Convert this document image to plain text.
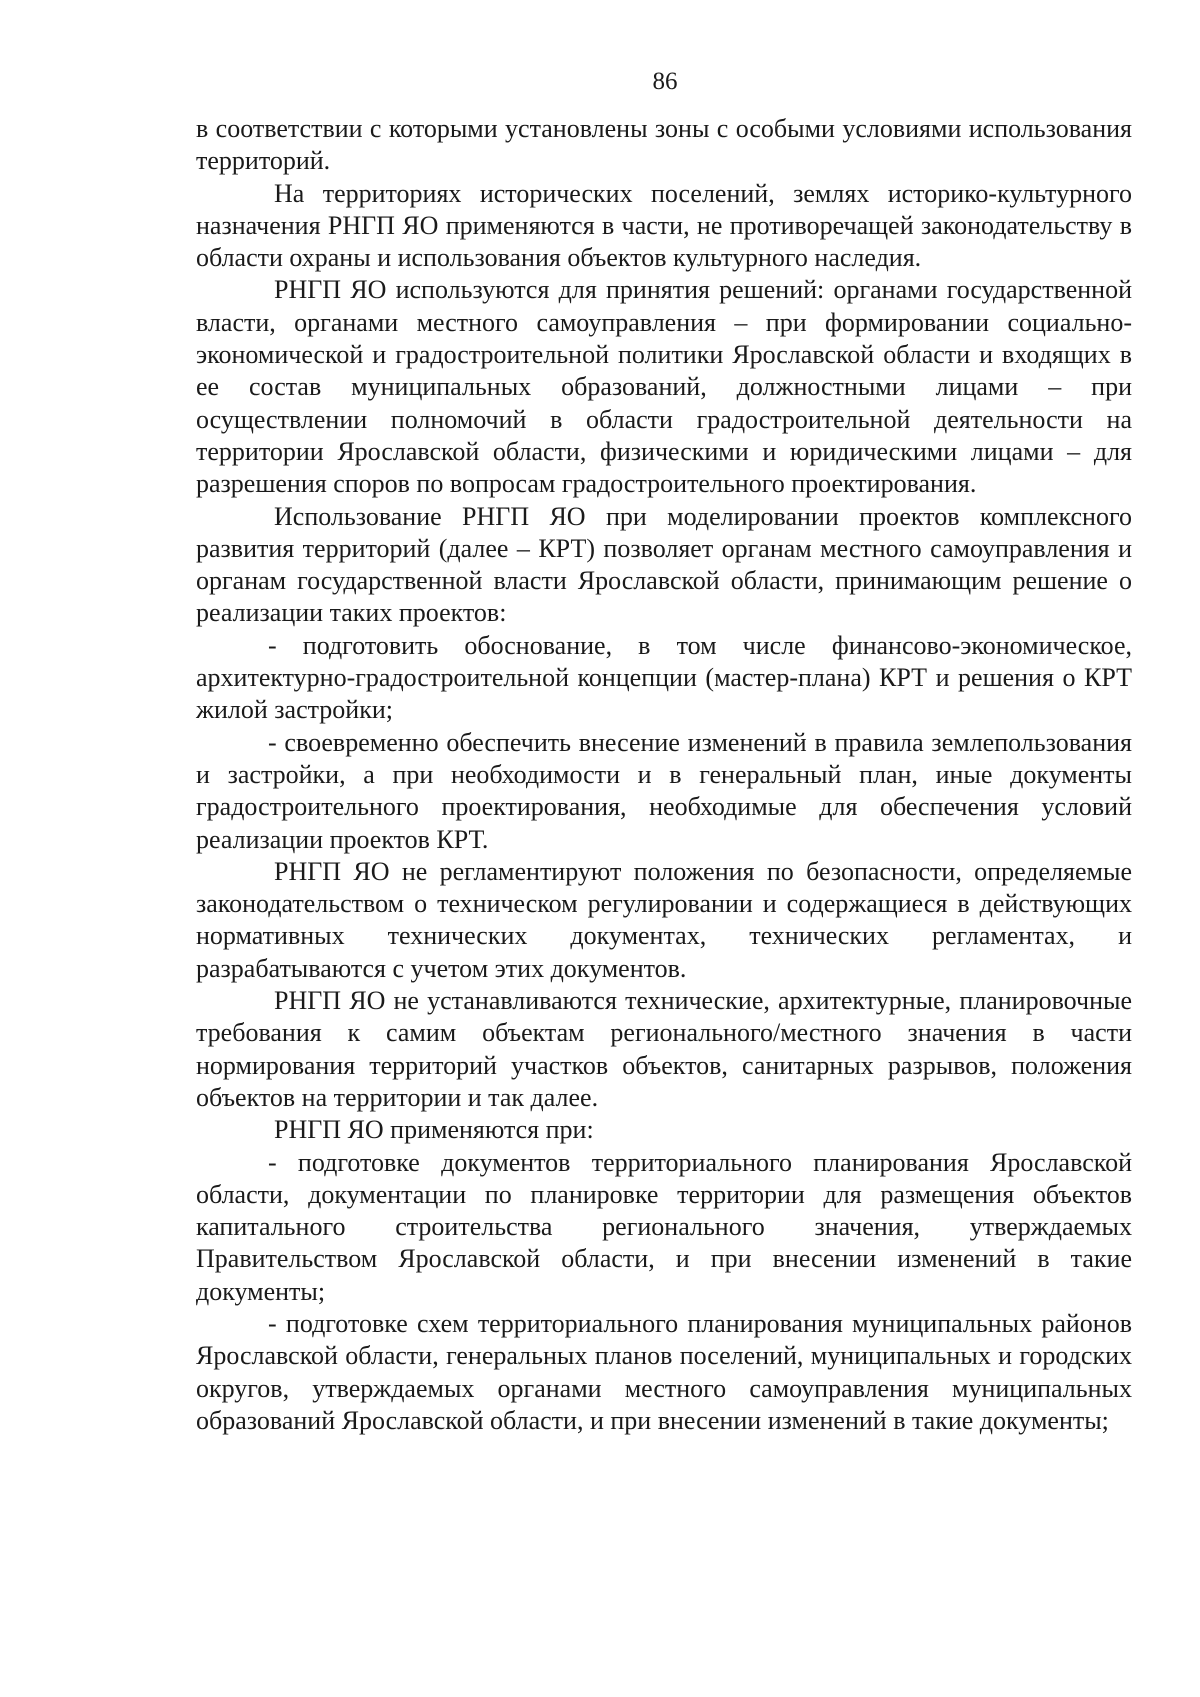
86

в соответствии с которыми установлены зоны с особыми условиями использования территорий.

На территориях исторических поселений, землях историко-культурного назначения РНГП ЯО применяются в части, не противоречащей законодательству в области охраны и использования объектов культурного наследия.

РНГП ЯО используются для принятия решений: органами государственной власти, органами местного самоуправления – при формировании социально-экономической и градостроительной политики Ярославской области и входящих в ее состав муниципальных образований, должностными лицами – при осуществлении полномочий в области градостроительной деятельности на территории Ярославской области, физическими и юридическими лицами – для разрешения споров по вопросам градостроительного проектирования.

Использование РНГП ЯО при моделировании проектов комплексного развития территорий (далее – КРТ) позволяет органам местного самоуправления и органам государственной власти Ярославской области, принимающим решение о реализации таких проектов:

- подготовить обоснование, в том числе финансово-экономическое, архитектурно-градостроительной концепции (мастер-плана) КРТ и решения о КРТ жилой застройки;

- своевременно обеспечить внесение изменений в правила землепользования и застройки, а при необходимости и в генеральный план, иные документы градостроительного проектирования, необходимые для обеспечения условий реализации проектов КРТ.

РНГП ЯО не регламентируют положения по безопасности, определяемые законодательством о техническом регулировании и содержащиеся в действующих нормативных технических документах, технических регламентах, и разрабатываются с учетом этих документов.

РНГП ЯО не устанавливаются технические, архитектурные, планировочные требования к самим объектам регионального/местного значения в части нормирования территорий участков объектов, санитарных разрывов, положения объектов на территории и так далее.

РНГП ЯО применяются при:

- подготовке документов территориального планирования Ярославской области, документации по планировке территории для размещения объектов капитального строительства регионального значения, утверждаемых Правительством Ярославской области, и при внесении изменений в такие документы;

- подготовке схем территориального планирования муниципальных районов Ярославской области, генеральных планов поселений, муниципальных и городских округов, утверждаемых органами местного самоуправления муниципальных образований Ярославской области, и при внесении изменений в такие документы;
